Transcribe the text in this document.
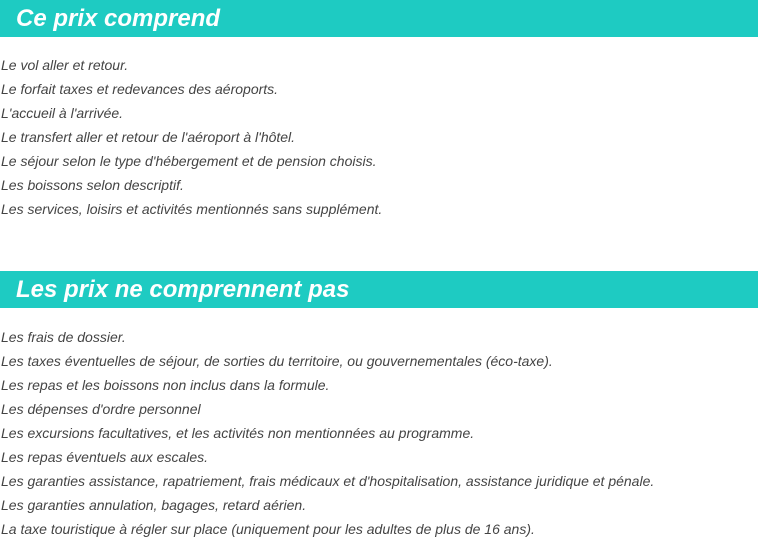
Ce prix comprend
Le vol aller et retour.
Le forfait taxes et redevances des aéroports.
L'accueil à l'arrivée.
Le transfert aller et retour de l'aéroport à l'hôtel.
Le séjour selon le type d'hébergement et de pension choisis.
Les boissons selon descriptif.
Les services, loisirs et activités mentionnés sans supplément.
Les prix ne comprennent pas
Les frais de dossier.
Les taxes éventuelles de séjour, de sorties du territoire, ou gouvernementales (éco-taxe).
Les repas et les boissons non inclus dans la formule.
Les dépenses d'ordre personnel
Les excursions facultatives, et les activités non mentionnées au programme.
Les repas éventuels aux escales.
Les garanties assistance, rapatriement, frais médicaux et d'hospitalisation, assistance juridique et pénale.
Les garanties annulation, bagages, retard aérien.
La taxe touristique à régler sur place (uniquement pour les adultes de plus de 16 ans).
